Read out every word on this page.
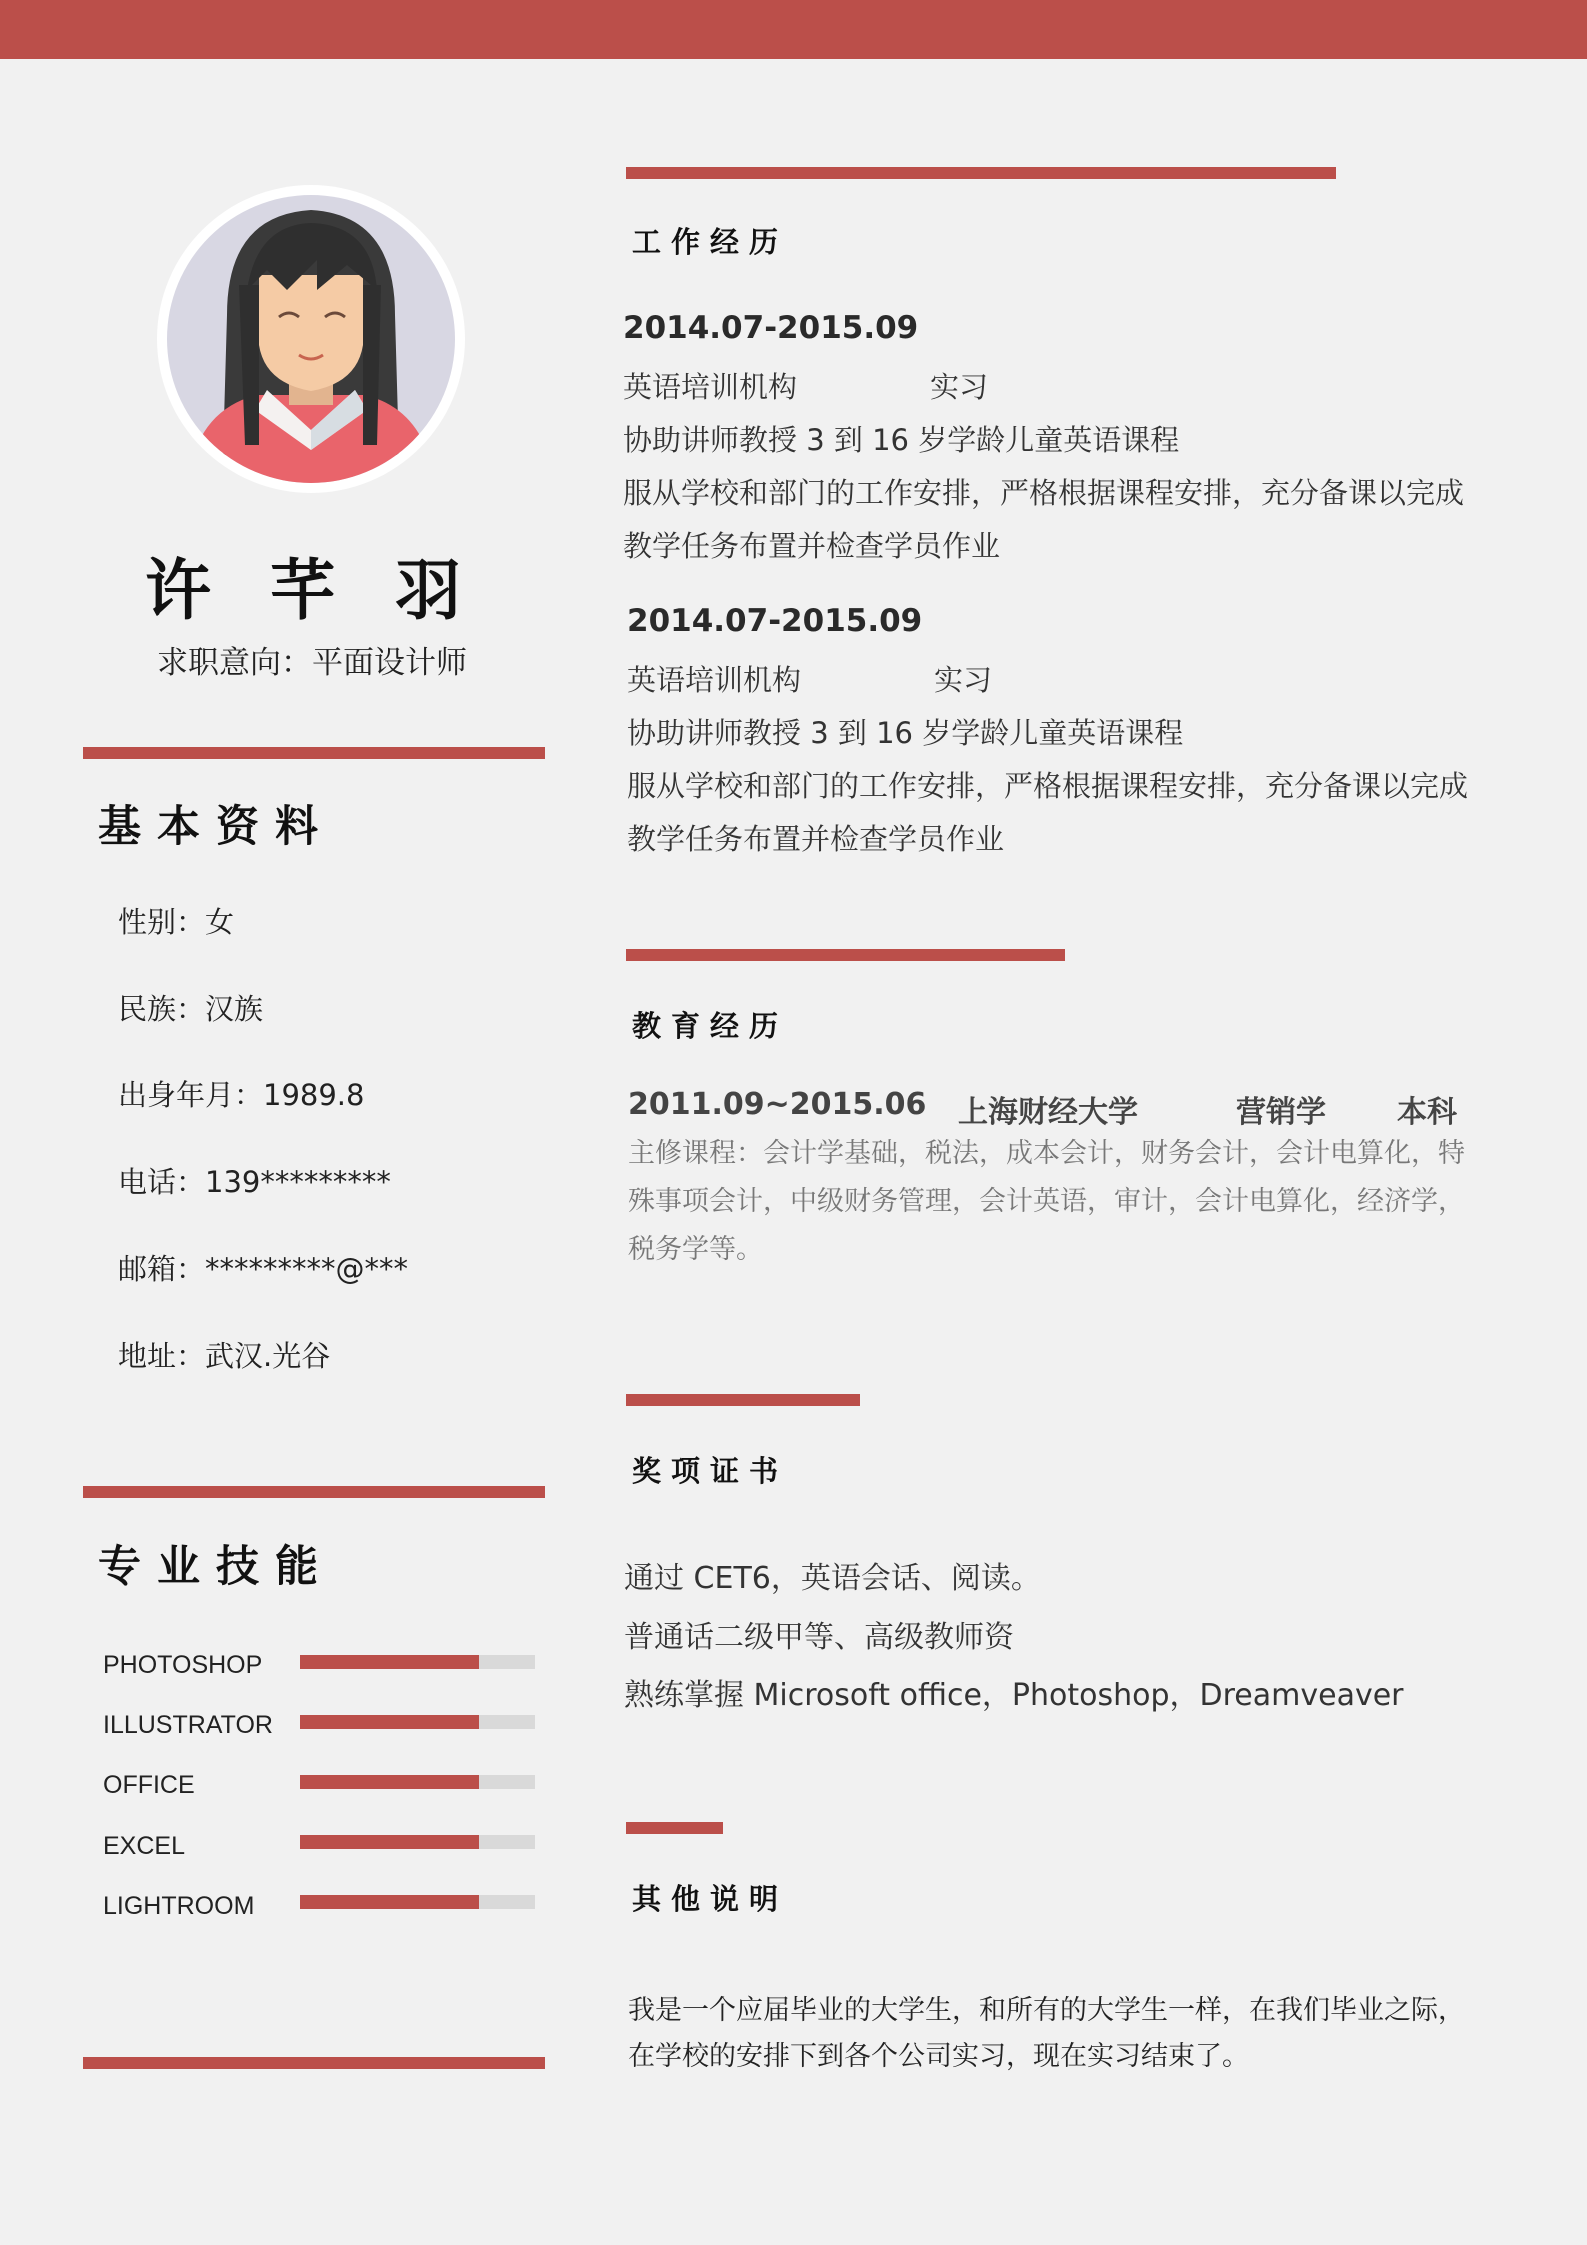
许 芊 羽
求职意向：平面设计师
基本资料
性别：女
民族：汉族
出身年月：1989.8
电话：139*********
邮箱：*********@***
地址：武汉.光谷
专业技能
PHOTOSHOP
ILLUSTRATOR
OFFICE
EXCEL
LIGHTROOM
工作经历
2014.07-2015.09
英语培训机构	实习
协助讲师教授 3 到 16 岁学龄儿童英语课程
服从学校和部门的工作安排，严格根据课程安排，充分备课以完成
教学任务布置并检查学员作业
2014.07-2015.09
英语培训机构	实习
协助讲师教授 3 到 16 岁学龄儿童英语课程
服从学校和部门的工作安排，严格根据课程安排，充分备课以完成
教学任务布置并检查学员作业
教育经历
2011.09~2015.06 上海财经大学	营销学 本科
主修课程：会计学基础，税法，成本会计，财务会计，会计电算化，特殊事项会计，中级财务管理，会计英语，审计，会计电算化，经济学，税务学等。
奖项证书
通过 CET6，英语会话、阅读。
普通话二级甲等、高级教师资
熟练掌握 Microsoft office，Photoshop，Dreamveaver
其他说明
我是一个应届毕业的大学生，和所有的大学生一样，在我们毕业之际，在学校的安排下到各个公司实习，现在实习结束了。
